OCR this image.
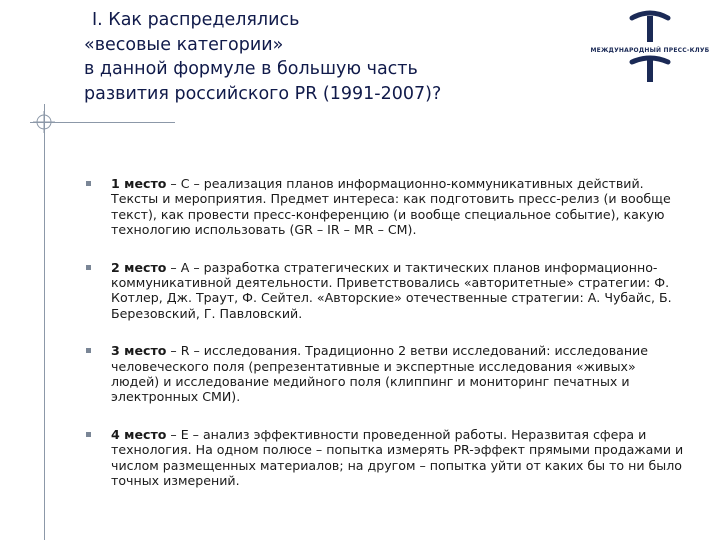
I. Как распределялись
«весовые категории»
в данной формуле в большую часть
развития российского PR (1991-2007)?
МЕЖДУНАРОДНЫЙ ПРЕСС-КЛУБ
1 место – С – реализация планов информационно-коммуникативных действий. Тексты и мероприятия. Предмет интереса: как подготовить пресс-релиз (и вообще текст), как провести пресс-конференцию (и вообще специальное событие), какую технологию использовать (GR – IR – MR – CM).
2 место – А – разработка стратегических и тактических планов информационно-коммуникативной деятельности. Приветствовались «авторитетные» стратегии: Ф. Котлер, Дж. Траут, Ф. Сейтел. «Авторские» отечественные стратегии: А. Чубайс, Б. Березовский, Г. Павловский.
3 место – R – исследования. Традиционно 2 ветви исследований: исследование человеческого поля (репрезентативные и экспертные исследования «живых» людей) и исследование медийного поля (клиппинг и мониторинг печатных и электронных СМИ).
4 место – Е – анализ эффективности проведенной работы. Неразвитая сфера и технология. На одном полюсе – попытка измерять PR-эффект прямыми продажами и числом размещенных материалов; на другом – попытка уйти от каких бы то ни было точных измерений.
